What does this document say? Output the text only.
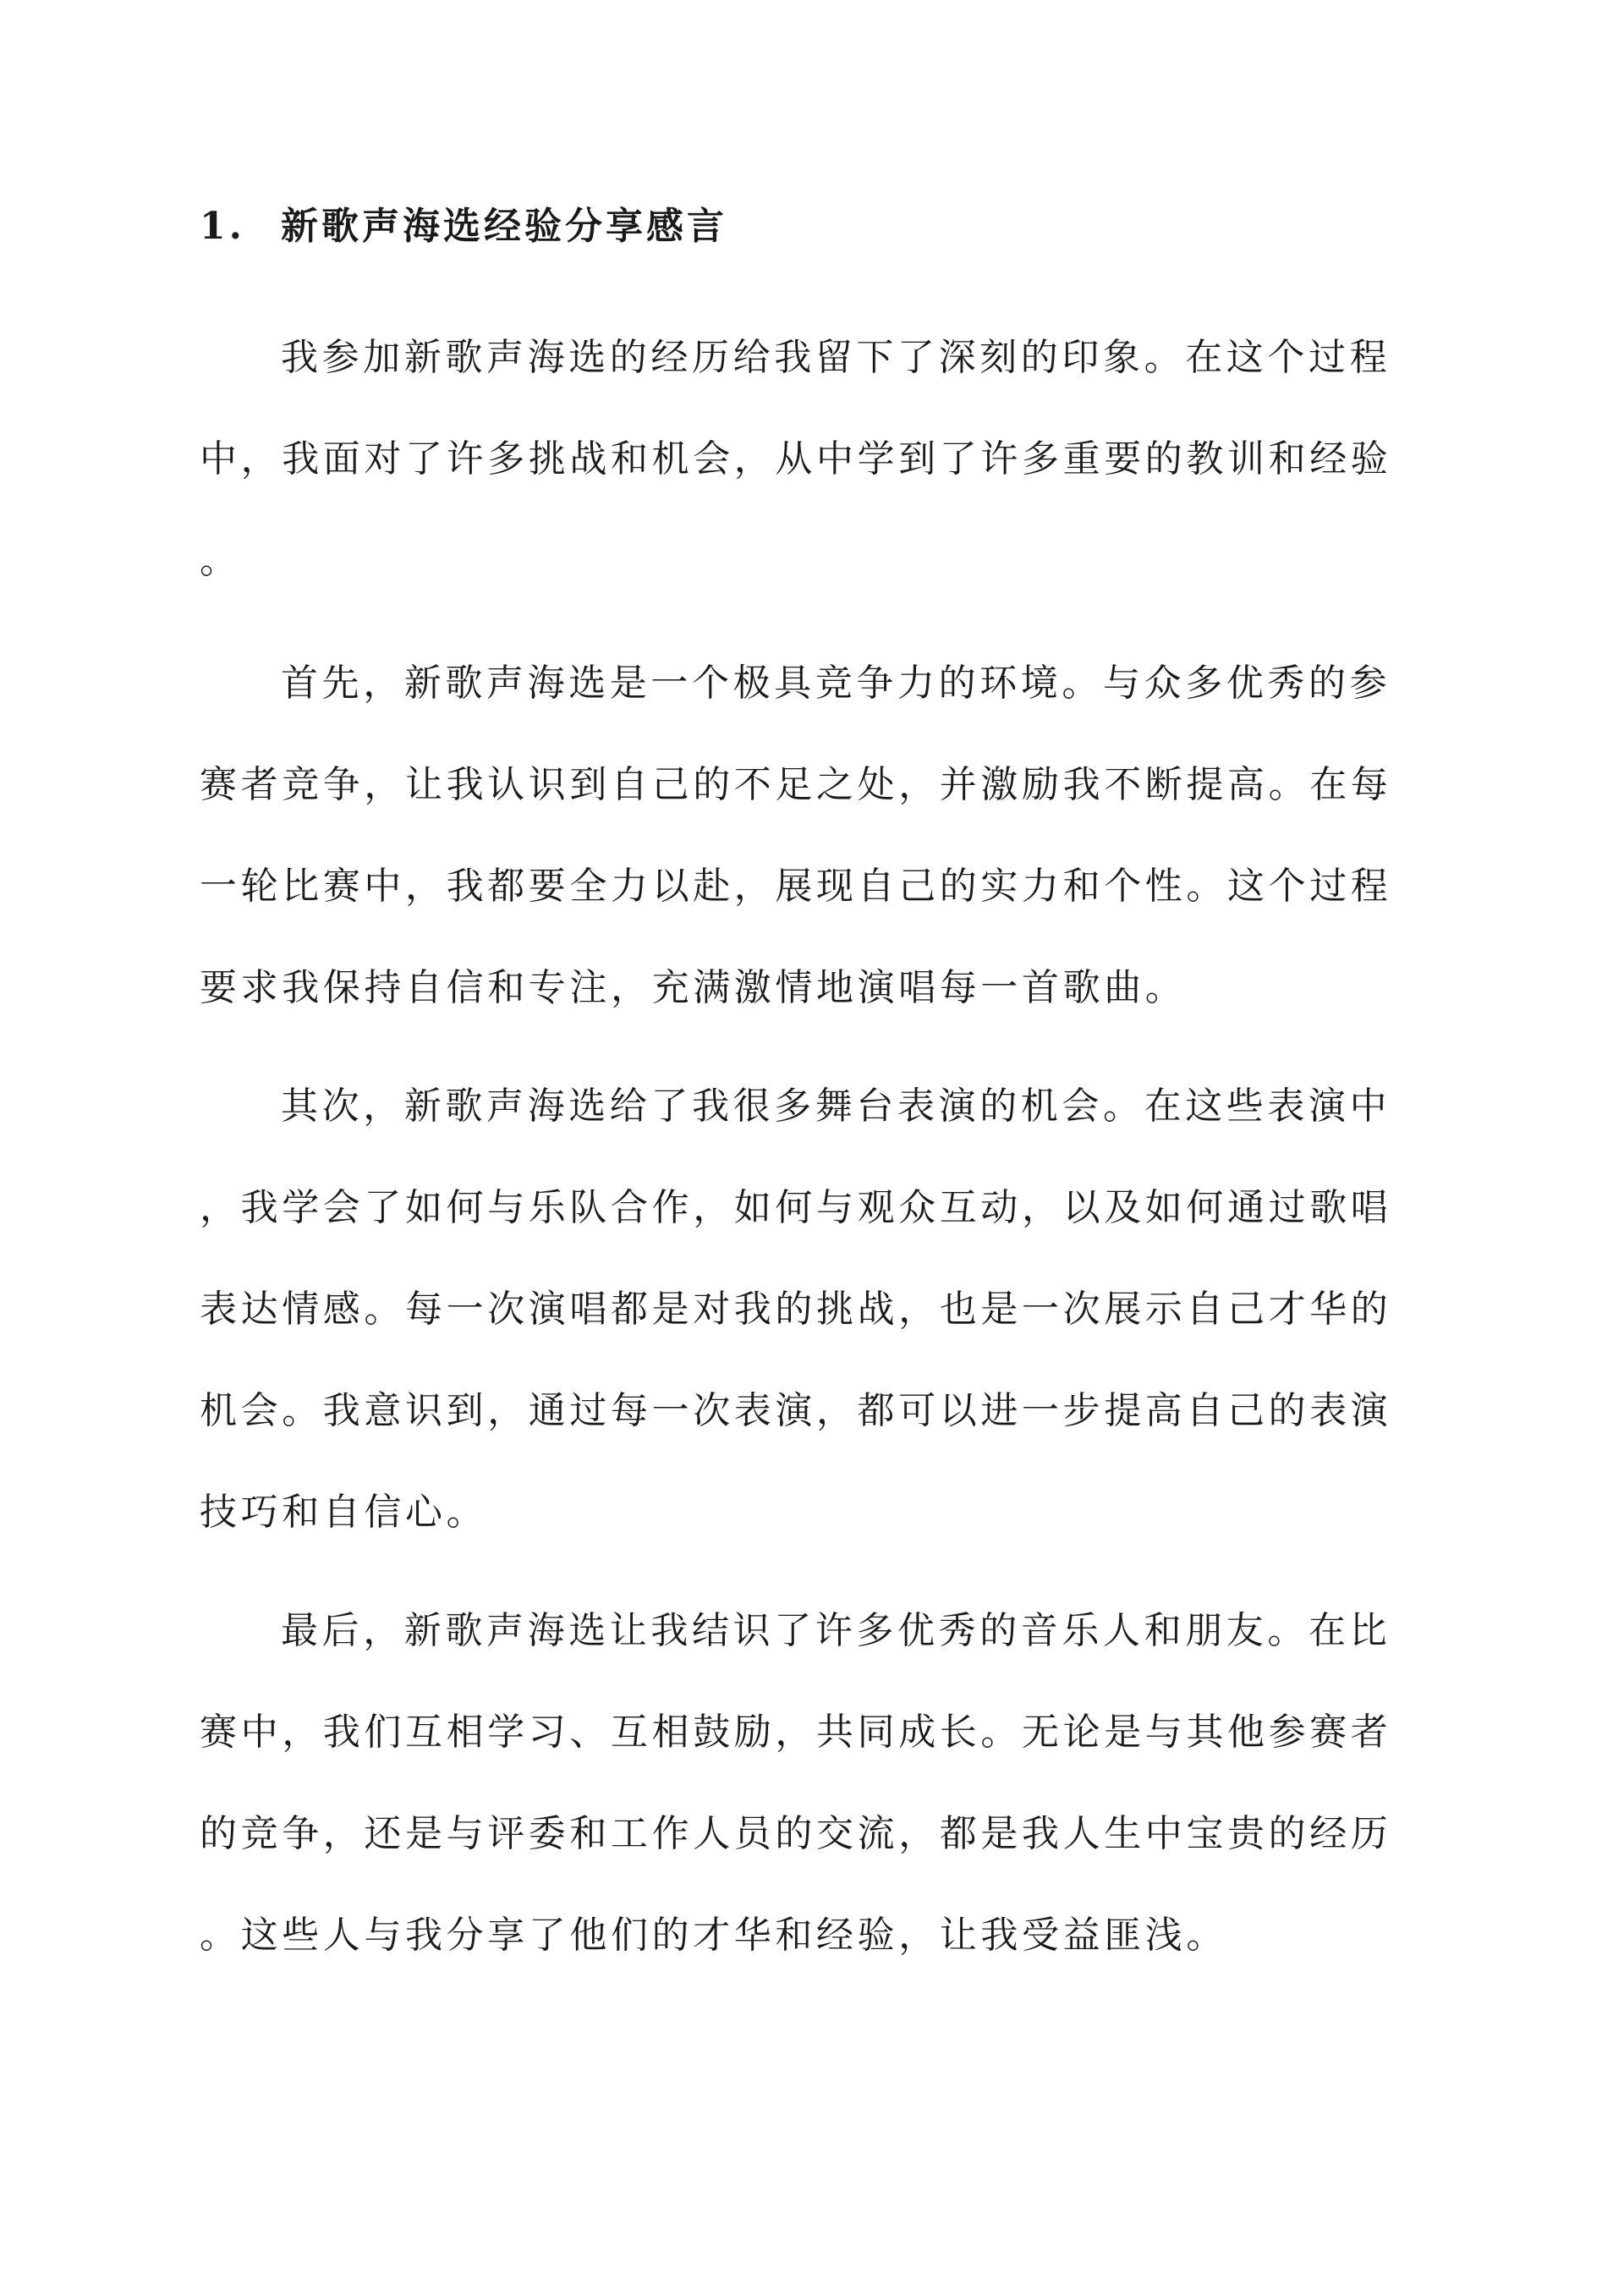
1. 新歌声海选经验分享感言

我参加新歌声海选的经历给我留下了深刻的印象。在这个过程

中，我面对了许多挑战和机会，从中学到了许多重要的教训和经验

。

首先，新歌声海选是一个极具竞争力的环境。与众多优秀的参

赛者竞争，让我认识到自己的不足之处，并激励我不断提高。在每

一轮比赛中，我都要全力以赴，展现自己的实力和个性。这个过程

要求我保持自信和专注，充满激情地演唱每一首歌曲。

其次，新歌声海选给了我很多舞台表演的机会。在这些表演中

，我学会了如何与乐队合作，如何与观众互动，以及如何通过歌唱

表达情感。每一次演唱都是对我的挑战，也是一次展示自己才华的

机会。我意识到，通过每一次表演，都可以进一步提高自己的表演

技巧和自信心。

最后，新歌声海选让我结识了许多优秀的音乐人和朋友。在比

赛中，我们互相学习、互相鼓励，共同成长。无论是与其他参赛者

的竞争，还是与评委和工作人员的交流，都是我人生中宝贵的经历

。这些人与我分享了他们的才华和经验，让我受益匪浅。
